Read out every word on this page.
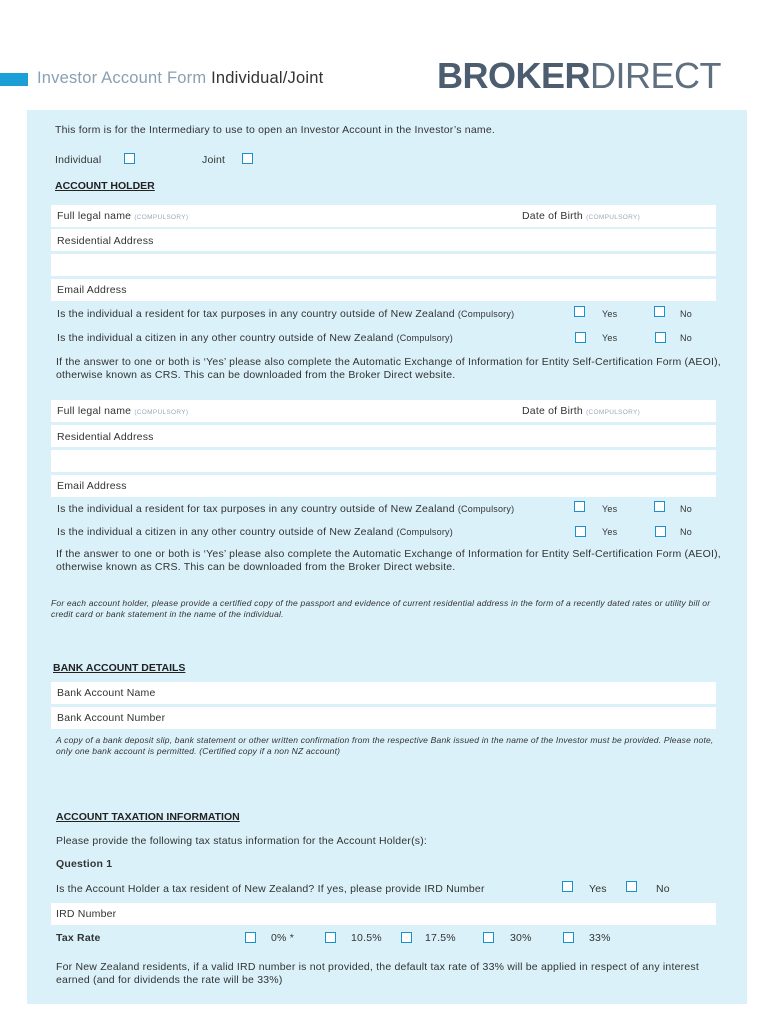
Investor Account Form Individual/Joint	BROKERDIRECT
This form is for the Intermediary to use to open an Investor Account in the Investor’s name.
Individual	Joint
ACCOUNT HOLDER
Full legal name (COMPULSORY)	Date of Birth (COMPULSORY)
Residential Address
Email Address
Is the individual a resident for tax purposes in any country outside of New Zealand (Compulsory)	Yes	No
Is the individual a citizen in any other country outside of New Zealand (Compulsory)	Yes	No
If the answer to one or both is ‘Yes’ please also complete the Automatic Exchange of Information for Entity Self-Certification Form (AEOI), otherwise known as CRS. This can be downloaded from the Broker Direct website.
Full legal name (COMPULSORY)	Date of Birth (COMPULSORY)
Residential Address
Email Address
Is the individual a resident for tax purposes in any country outside of New Zealand (Compulsory)	Yes	No
Is the individual a citizen in any other country outside of New Zealand (Compulsory)	Yes	No
If the answer to one or both is ‘Yes’ please also complete the Automatic Exchange of Information for Entity Self-Certification Form (AEOI), otherwise known as CRS. This can be downloaded from the Broker Direct website.
For each account holder, please provide a certified copy of the passport and evidence of current residential address in the form of a recently dated rates or utility bill or credit card or bank statement in the name of the individual.
BANK ACCOUNT DETAILS
Bank Account Name
Bank Account Number
A copy of a bank deposit slip, bank statement or other written confirmation from the respective Bank issued in the name of the Investor must be provided. Please note, only one bank account is permitted. (Certified copy if a non NZ account)
ACCOUNT TAXATION INFORMATION
Please provide the following tax status information for the Account Holder(s):
Question 1
Is the Account Holder a tax resident of New Zealand? If yes, please provide IRD Number	Yes	No
IRD Number
Tax Rate	0% *	10.5%	17.5%	30%	33%
For New Zealand residents, if a valid IRD number is not provided, the default tax rate of 33% will be applied in respect of any interest earned (and for dividends the rate will be 33%)
